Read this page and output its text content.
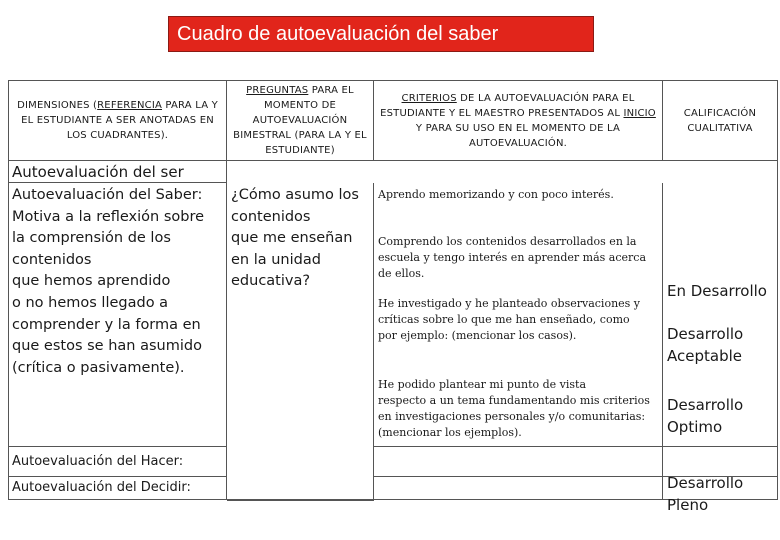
Cuadro de autoevaluación del saber
DIMENSIONES (REFERENCIA PARA LA Y EL ESTUDIANTE A SER ANOTADAS EN LOS CUADRANTES).
PREGUNTAS PARA EL MOMENTO DE AUTOEVALUACIÓN BIMESTRAL (PARA LA Y EL ESTUDIANTE)
CRITERIOS DE LA AUTOEVALUACIÓN PARA EL ESTUDIANTE Y EL MAESTRO PRESENTADOS AL INICIO Y PARA SU USO EN EL MOMENTO DE LA AUTOEVALUACIÓN.
CALIFICACIÓN CUALITATIVA
Autoevaluación del ser
Autoevaluación del Saber:
Motiva a la reflexión sobre
la comprensión de los
contenidos
que hemos aprendido
o no hemos llegado a
comprender y la forma en
que estos se han asumido
(crítica o pasivamente).
¿Cómo asumo los
contenidos
que me enseñan
en la unidad
educativa?
Aprendo memorizando y con poco interés.
Comprendo los contenidos desarrollados en la
escuela y tengo interés en aprender más acerca
de ellos.
He investigado y he planteado observaciones y
críticas sobre lo que me han enseñado, como
por ejemplo: (mencionar los casos).
He podido plantear mi punto de vista
respecto a un tema fundamentando mis criterios
en investigaciones personales y/o comunitarias:
(mencionar los ejemplos).
En Desarrollo
Desarrollo
Aceptable
Desarrollo
Optimo
Desarrollo
Pleno
Autoevaluación del Hacer:
Autoevaluación del Decidir:
